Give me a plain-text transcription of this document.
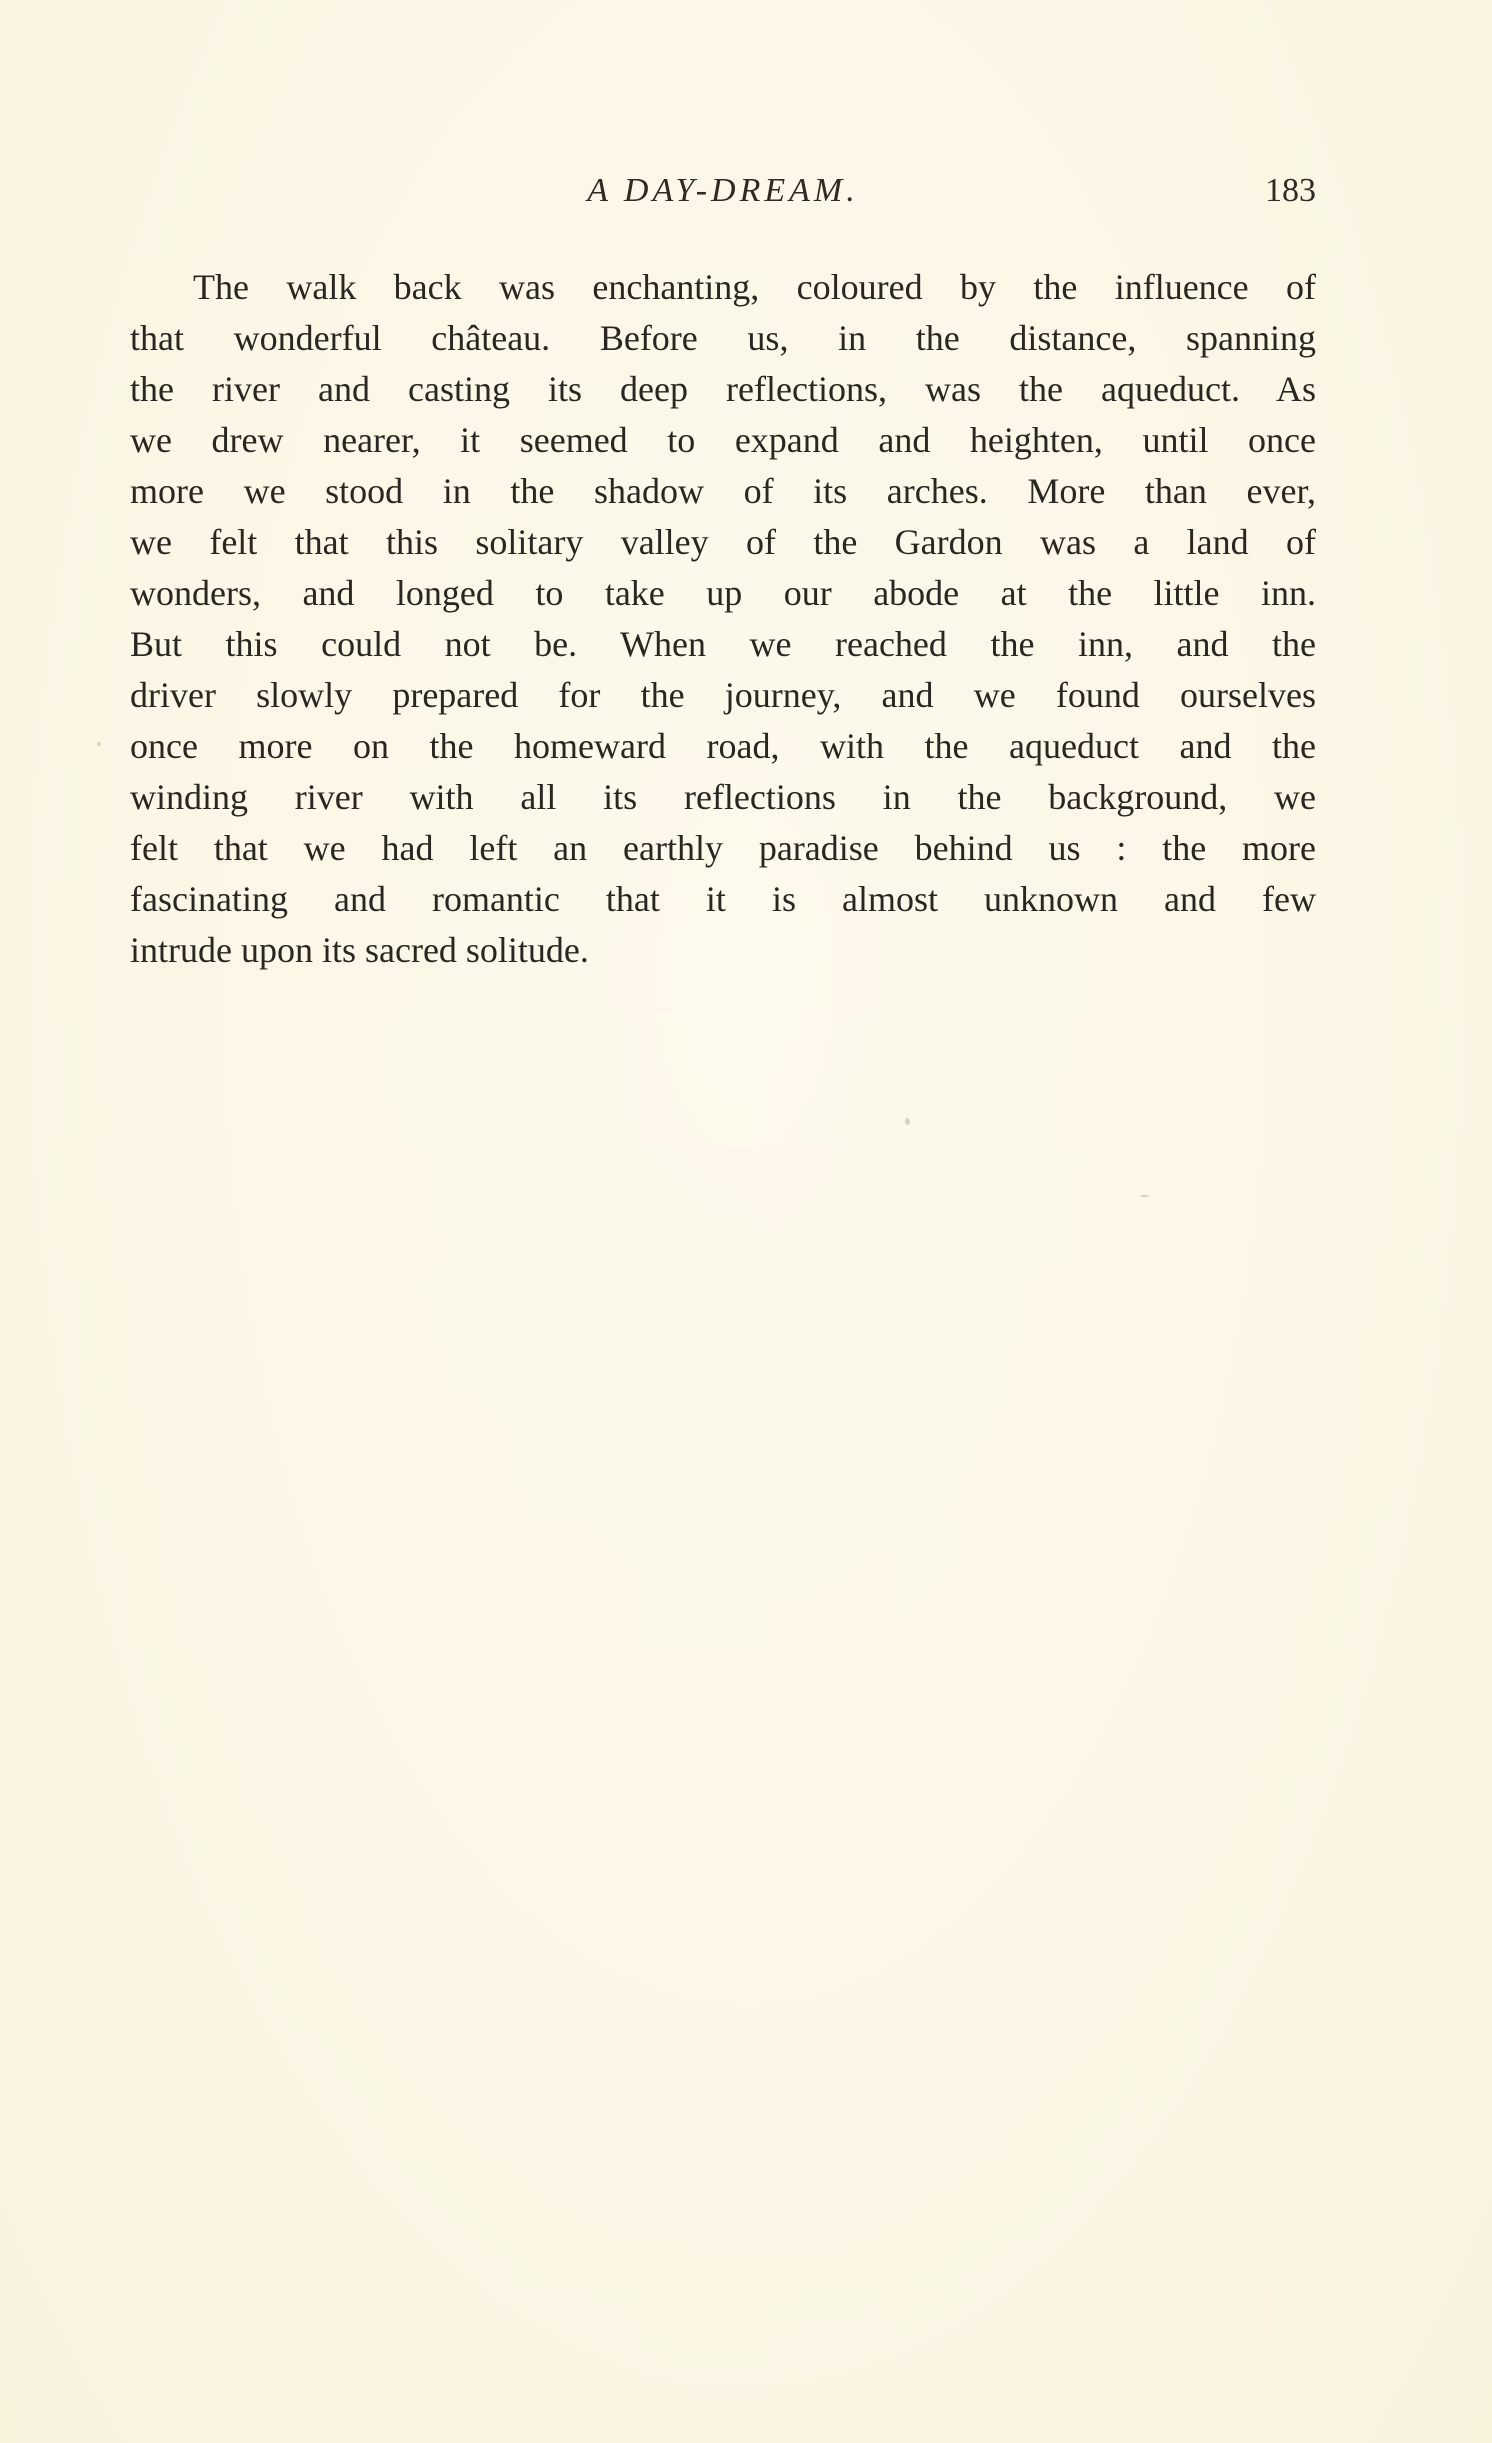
A DAY-DREAM.	183
The walk back was enchanting, coloured by the influence of
that wonderful château. Before us, in the distance, spanning
the river and casting its deep reflections, was the aqueduct. As
we drew nearer, it seemed to expand and heighten, until once
more we stood in the shadow of its arches. More than ever,
we felt that this solitary valley of the Gardon was a land of
wonders, and longed to take up our abode at the little inn.
But this could not be. When we reached the inn, and the
driver slowly prepared for the journey, and we found ourselves
once more on the homeward road, with the aqueduct and the
winding river with all its reflections in the background, we
felt that we had left an earthly paradise behind us : the more
fascinating and romantic that it is almost unknown and few
intrude upon its sacred solitude.
